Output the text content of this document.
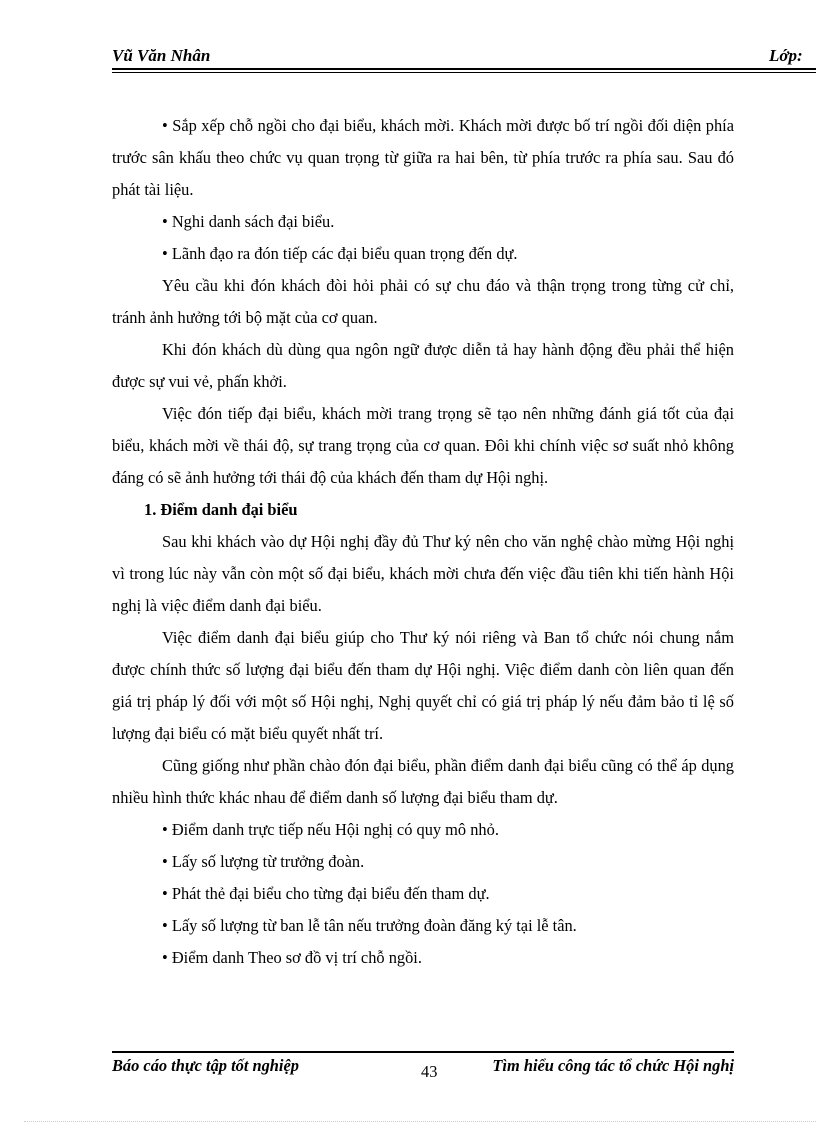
Vũ Văn Nhân	Lớp:

• Sắp xếp chỗ ngồi cho đại biểu, khách mời. Khách mời được bố trí ngồi đối diện phía trước sân khấu theo chức vụ quan trọng từ giữa ra hai bên, từ phía trước ra phía sau. Sau đó phát tài liệu.

• Nghi danh sách đại biểu.

• Lãnh đạo ra đón tiếp các đại biểu quan trọng đến dự.

Yêu cầu khi đón khách đòi hỏi phải có sự chu đáo và thận trọng trong từng cử chỉ, tránh ảnh hưởng tới bộ mặt của cơ quan.

Khi đón khách dù dùng qua ngôn ngữ được diễn tả hay hành động đều phải thể hiện được sự vui vẻ, phấn khởi.

Việc đón tiếp đại biểu, khách mời trang trọng sẽ tạo nên những đánh giá tốt của đại biểu, khách mời về thái độ, sự trang trọng của cơ quan. Đôi khi chính việc sơ suất nhỏ không đáng có sẽ ảnh hưởng tới thái độ của khách đến tham dự Hội nghị.

1. Điểm danh đại biểu

Sau khi khách vào dự Hội nghị đầy đủ Thư ký nên cho văn nghệ chào mừng Hội nghị vì trong lúc này vẫn còn một số đại biểu, khách mời chưa đến việc đầu tiên khi tiến hành Hội nghị là việc điểm danh đại biểu.

Việc điểm danh đại biểu giúp cho Thư ký nói riêng và Ban tổ chức nói chung nắm được chính thức số lượng đại biểu đến tham dự Hội nghị. Việc điểm danh còn liên quan đến giá trị pháp lý đối với một số Hội nghị, Nghị quyết chỉ có giá trị pháp lý nếu đảm bảo tỉ lệ số lượng đại biểu có mặt biểu quyết nhất trí.

Cũng giống như phần chào đón đại biểu, phần điểm danh đại biểu cũng có thể áp dụng nhiều hình thức khác nhau để điểm danh số lượng đại biểu tham dự.

• Điểm danh trực tiếp nếu Hội nghị có quy mô nhỏ.

• Lấy số lượng từ trưởng đoàn.

• Phát thẻ đại biểu cho từng đại biểu đến tham dự.

• Lấy số lượng từ ban lễ tân nếu trưởng đoàn đăng ký tại lễ tân.

• Điểm danh Theo sơ đồ vị trí chỗ ngồi.

Báo cáo thực tập tốt nghiệp	43	Tìm hiểu công tác tổ chức Hội nghị
